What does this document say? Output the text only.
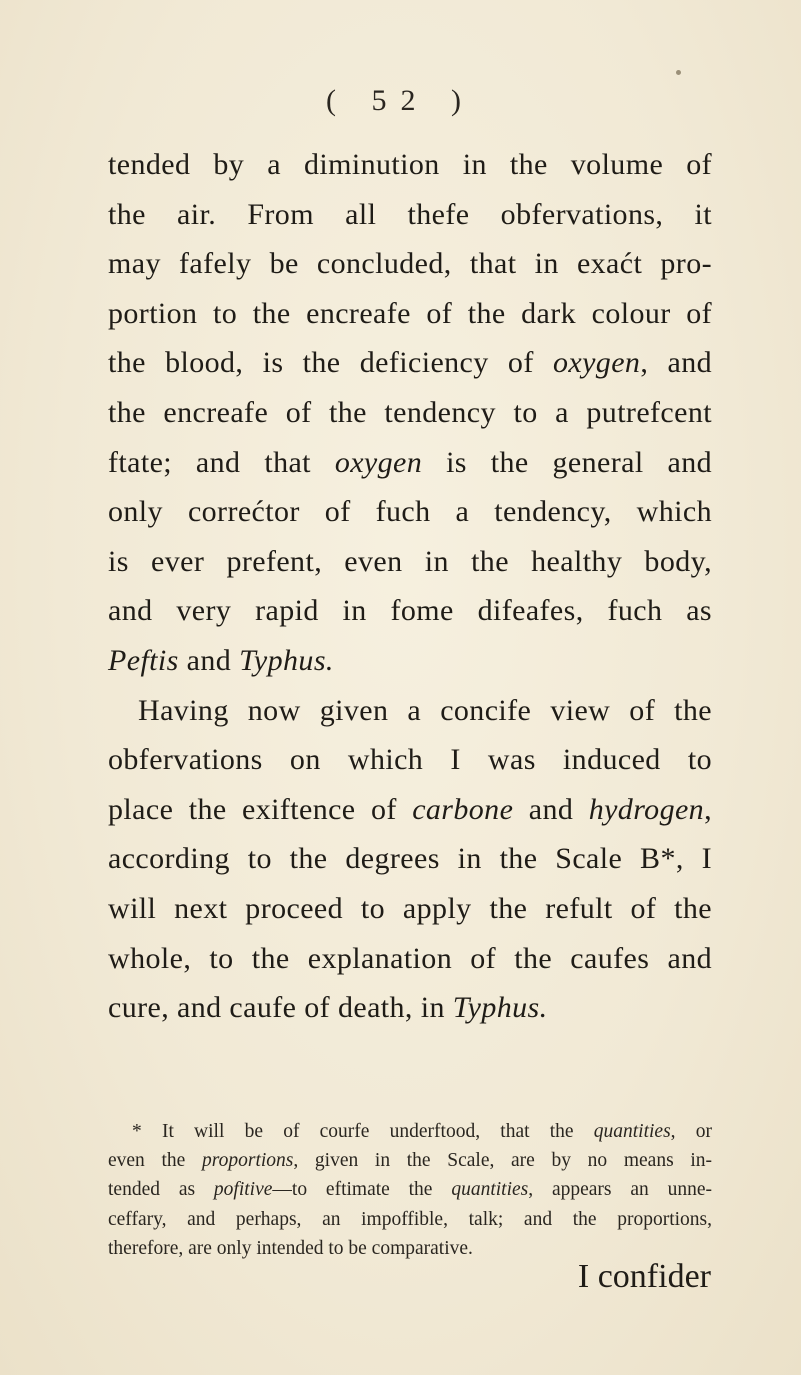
( 52 )
tended by a diminution in the volume of
the air. From all thefe obfervations, it
may fafely be concluded, that in exaćt pro-
portion to the encreafe of the dark colour of
the blood, is the deficiency of oxygen, and
the encreafe of the tendency to a putrefcent
ftate; and that oxygen is the general and
only correćtor of fuch a tendency, which
is ever prefent, even in the healthy body,
and very rapid in fome difeafes, fuch as
Peftis and Typhus.
Having now given a concife view of the
obfervations on which I was induced to
place the exiftence of carbone and hydrogen,
according to the degrees in the Scale B*, I
will next proceed to apply the refult of the
whole, to the explanation of the caufes and
cure, and caufe of death, in Typhus.
* It will be of courfe underftood, that the quantities, or
even the proportions, given in the Scale, are by no means in-
tended as pofitive—to eftimate the quantities, appears an unne-
ceffary, and perhaps, an impoffible, talk; and the proportions,
therefore, are only intended to be comparative.
I confider
